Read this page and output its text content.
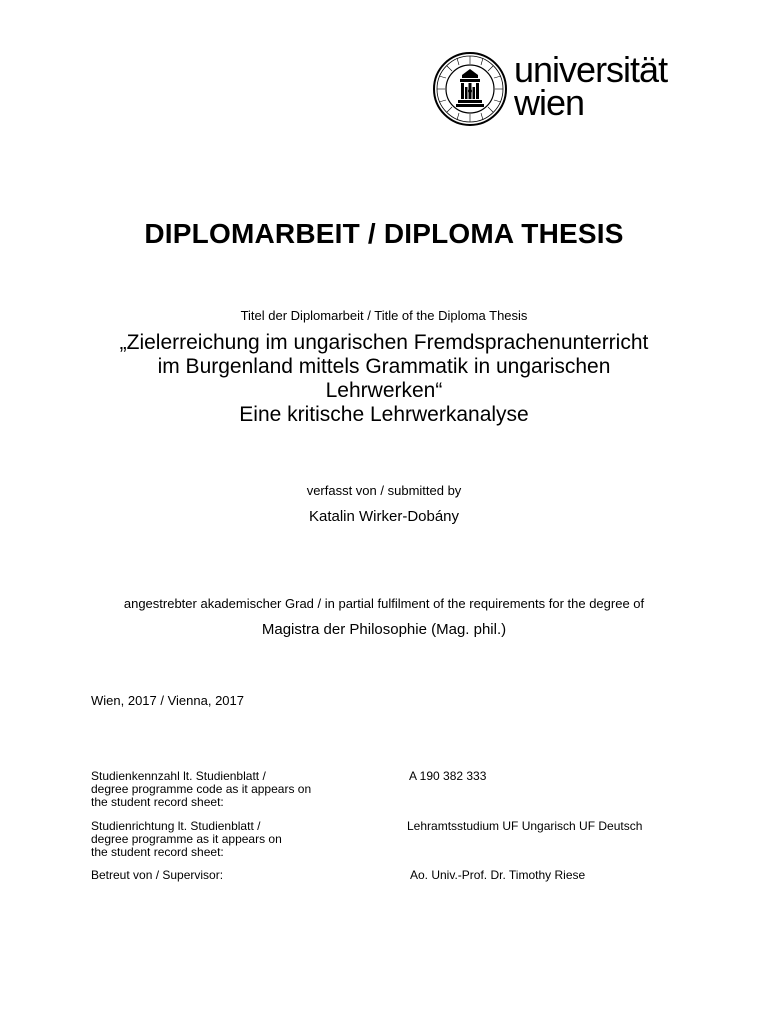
universität
wien
DIPLOMARBEIT / DIPLOMA THESIS
Titel der Diplomarbeit / Title of the Diploma Thesis
„Zielerreichung im ungarischen Fremdsprachenunterricht
im Burgenland mittels Grammatik in ungarischen
Lehrwerken“
Eine kritische Lehrwerkanalyse
verfasst von / submitted by
Katalin Wirker-Dobány
angestrebter akademischer Grad / in partial fulfilment of the requirements for the degree of
Magistra der Philosophie (Mag. phil.)
Wien, 2017 / Vienna, 2017
Studienkennzahl lt. Studienblatt /
degree programme code as it appears on
the student record sheet:
A 190 382 333
Studienrichtung lt. Studienblatt /
degree programme as it appears on
the student record sheet:
Lehramtsstudium UF Ungarisch UF Deutsch
Betreut von / Supervisor:	Ao. Univ.-Prof. Dr. Timothy Riese
